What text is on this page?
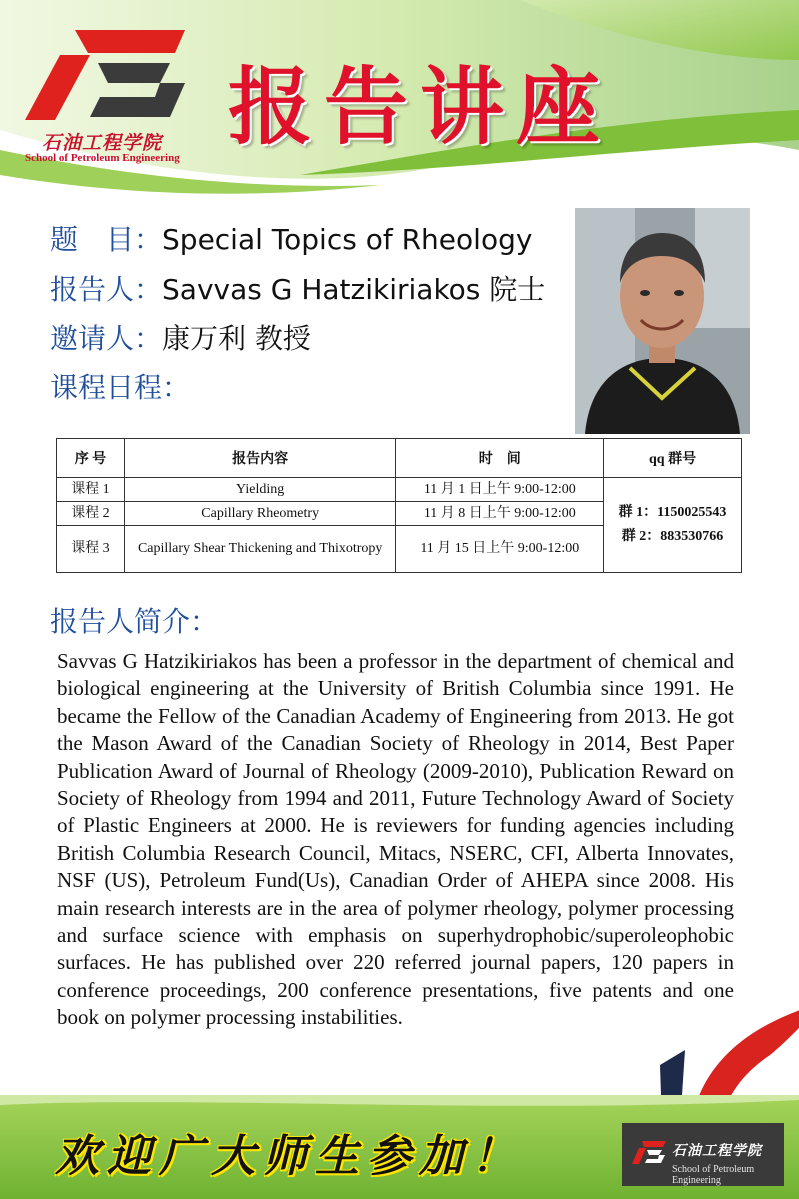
石油工程学院
School of Petroleum Engineering
报告讲座
题　目：Special Topics of Rheology
报告人：Savvas G Hatzikiriakos 院士
邀请人：康万利 教授
课程日程：
序 号	报告内容	时　间	qq 群号
课程 1	Yielding	11 月 1 日上午 9:00-12:00	群 1：1150025543
群 2：883530766

课程 2	Capillary Rheometry	11 月 8 日上午 9:00-12:00	
课程 3	Capillary Shear Thickening and Thixotropy	11 月 15 日上午 9:00-12:00	
报告人简介：

Savvas G Hatzikiriakos has been a professor in the department of chemical and biological engineering at the University of British Columbia since 1991. He became the Fellow of the Canadian Academy of Engineering from 2013. He got the Mason Award of the Canadian Society of Rheology in 2014, Best Paper Publication Award of Journal of Rheology (2009-2010), Publication Reward on Society of Rheology from 1994 and 2011, Future Technology Award of Society of Plastic Engineers at 2000. He is reviewers for funding agencies including British Columbia Research Council, Mitacs, NSERC, CFI, Alberta Innovates, NSF (US), Petroleum Fund(Us), Canadian Order of AHEPA since 2008. His main research interests are in the area of polymer rheology, polymer processing and surface science with emphasis on superhydrophobic/superoleophobic surfaces. He has published over 220 referred journal papers, 120 papers in conference proceedings, 200 conference presentations, five patents and one book on polymer processing instabilities.

欢迎广大师生参加！	石油工程学院
School of Petroleum Engineering
